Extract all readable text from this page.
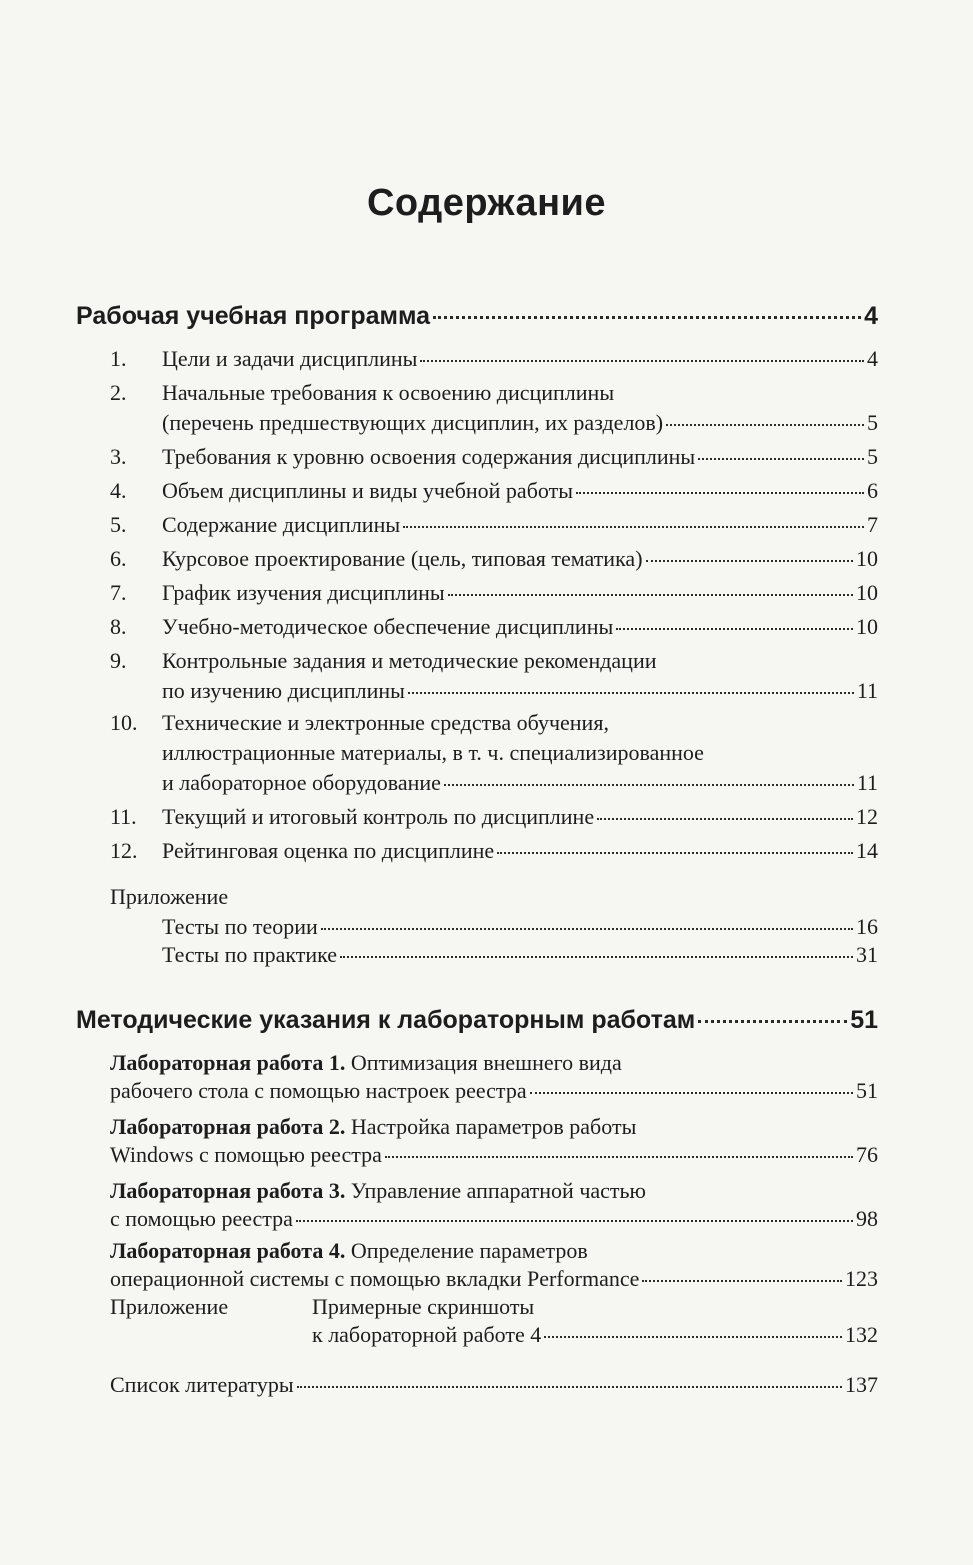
Содержание
Рабочая учебная программа	4
1. Цели и задачи дисциплины	4
2. Начальные требования к освоению дисциплины
(перечень предшествующих дисциплин, их разделов)	5
3. Требования к уровню освоения содержания дисциплины	5
4. Объем дисциплины и виды учебной работы	6
5. Содержание дисциплины	7
6. Курсовое проектирование (цель, типовая тематика)	10
7. График изучения дисциплины	10
8. Учебно-методическое обеспечение дисциплины	10
9. Контрольные задания и методические рекомендации
по изучению дисциплины	11
10. Технические и электронные средства обучения,
иллюстрационные материалы, в т. ч. специализированное
и лабораторное оборудование	11
11. Текущий и итоговый контроль по дисциплине	12
12. Рейтинговая оценка по дисциплине	14
Приложение
Тесты по теории	16
Тесты по практике	31
Методические указания к лабораторным работам	51
Лабораторная работа 1. Оптимизация внешнего вида
рабочего стола с помощью настроек реестра	51
Лабораторная работа 2. Настройка параметров работы
Windows с помощью реестра	76
Лабораторная работа 3. Управление аппаратной частью
с помощью реестра	98
Лабораторная работа 4. Определение параметров
операционной системы с помощью вкладки Performance	123
Приложение	Примерные скриншоты
к лабораторной работе 4	132
Список литературы	137
